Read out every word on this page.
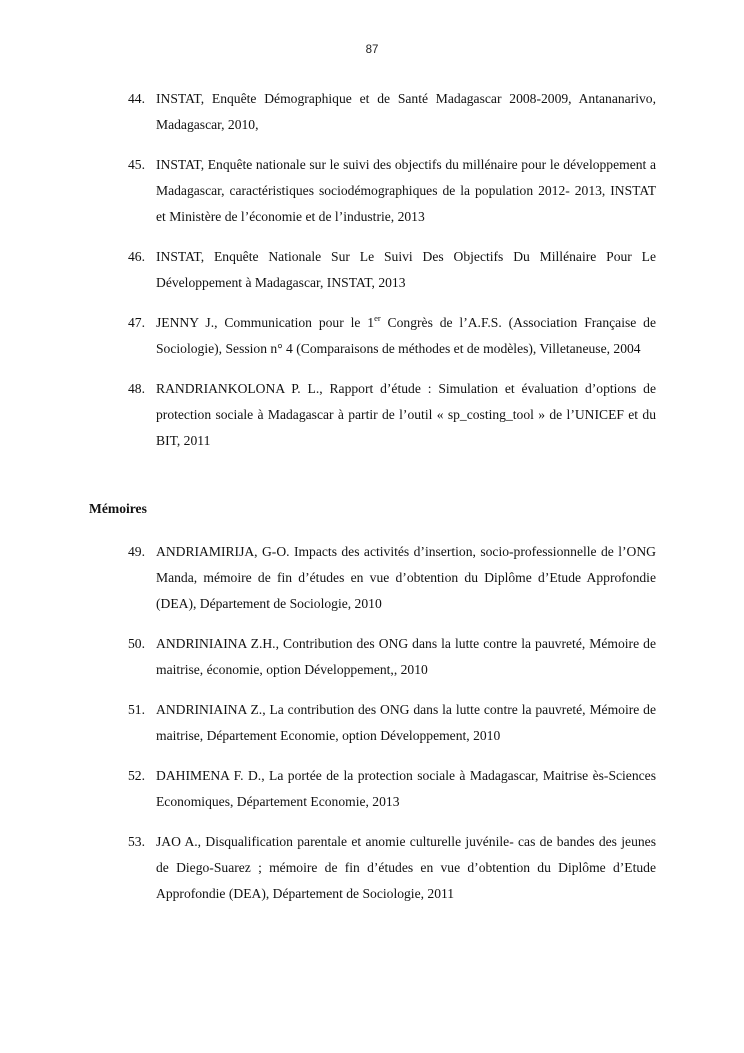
87
44. INSTAT, Enquête Démographique et de Santé Madagascar 2008-2009, Antananarivo, Madagascar, 2010,
45. INSTAT, Enquête nationale sur le suivi des objectifs du millénaire pour le développement a Madagascar, caractéristiques sociodémographiques de la population 2012- 2013, INSTAT et Ministère de l’économie et de l’industrie, 2013
46. INSTAT, Enquête Nationale Sur Le Suivi Des Objectifs Du Millénaire Pour Le Développement à Madagascar, INSTAT, 2013
47. JENNY J., Communication pour le 1er Congrès de l’A.F.S. (Association Française de Sociologie), Session n° 4 (Comparaisons de méthodes et de modèles), Villetaneuse, 2004
48. RANDRIANKOLONA P. L., Rapport d’étude : Simulation et évaluation d’options de protection sociale à Madagascar à partir de l’outil « sp_costing_tool » de l’UNICEF et du BIT, 2011
Mémoires
49. ANDRIAMIRIJA, G-O. Impacts des activités d’insertion, socio-professionnelle de l’ONG Manda, mémoire de fin d’études en vue d’obtention du Diplôme d’Etude Approfondie (DEA), Département de Sociologie, 2010
50. ANDRINIAINA Z.H., Contribution des ONG dans la lutte contre la pauvreté, Mémoire de maitrise, économie, option Développement,, 2010
51. ANDRINIAINA Z., La contribution des ONG dans la lutte contre la pauvreté, Mémoire de maitrise, Département Economie, option Développement, 2010
52. DAHIMENA F. D., La portée de la protection sociale à Madagascar, Maitrise ès-Sciences Economiques, Département Economie, 2013
53. JAO A., Disqualification parentale et anomie culturelle juvénile- cas de bandes des jeunes de Diego-Suarez ; mémoire de fin d’études en vue d’obtention du Diplôme d’Etude Approfondie (DEA), Département de Sociologie, 2011
